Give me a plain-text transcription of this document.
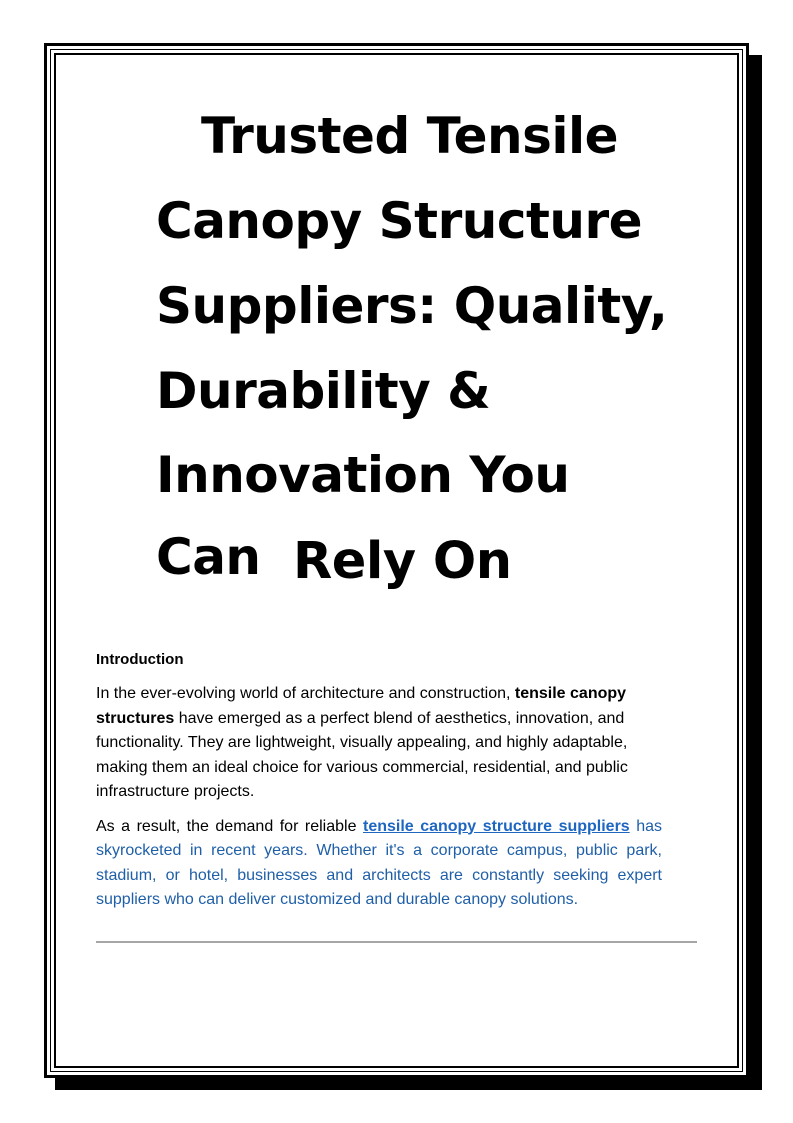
Trusted Tensile
Canopy Structure
Suppliers: Quality,
Durability &
Innovation You
Can Rely On
Introduction

In the ever-evolving world of architecture and construction, tensile canopy structures have emerged as a perfect blend of aesthetics, innovation, and functionality. They are lightweight, visually appealing, and highly adaptable, making them an ideal choice for various commercial, residential, and public infrastructure projects.

As a result, the demand for reliable tensile canopy structure suppliers has skyrocketed in recent years. Whether it's a corporate campus, public park, stadium, or hotel, businesses and architects are constantly seeking expert suppliers who can deliver customized and durable canopy solutions.
